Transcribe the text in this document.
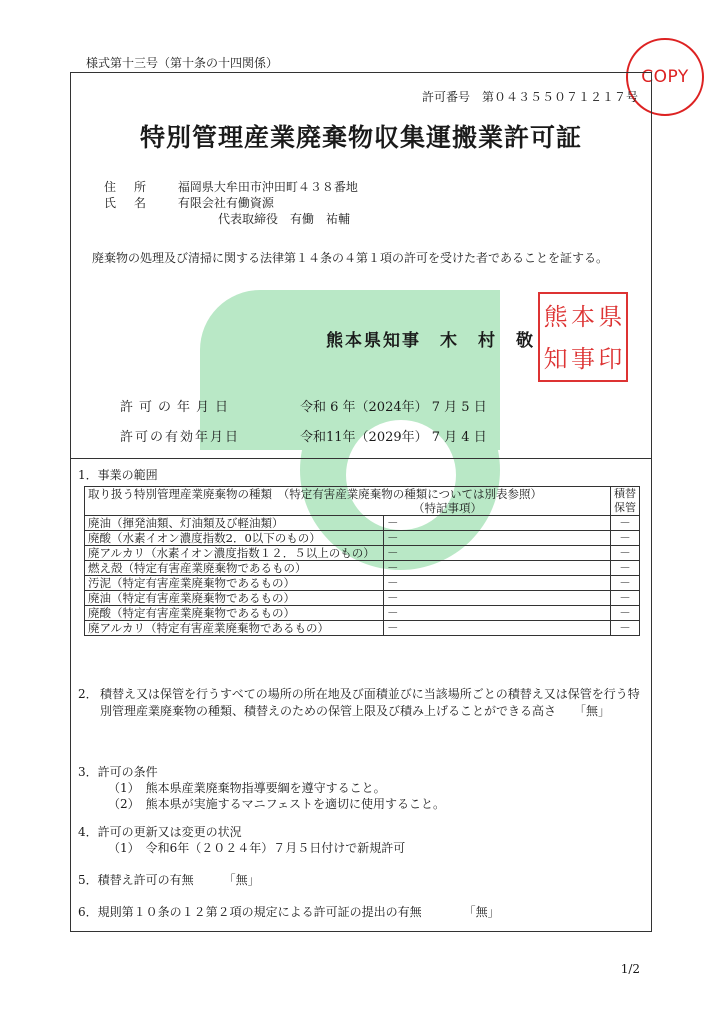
様式第十三号（第十条の十四関係）
COPY
許可番号　第０４３５５０７１２１７号
特別管理産業廃棄物収集運搬業許可証
住所 福岡県大牟田市沖田町４３８番地
氏名 有限会社有働資源
代表取締役　有働　祐輔
廃棄物の処理及び清掃に関する法律第１４条の４第１項の許可を受けた者であることを証する。
熊本県知事　木　村　敬
熊 本 県
知 事 印
許可の年月日	令和 6 年（2024年） 7 月 5 日
許可の有効年月日	令和11年（2029年） 7 月 4 日
1．事業の範囲
取り扱う特別管理産業廃棄物の種類　（特定有害産業廃棄物の種類については別表参照）
（特記事項）		積替保管
廃油（揮発油類、灯油類及び軽油類）	－	－
廃酸（水素イオン濃度指数2．0以下のもの）	－	－
廃アルカリ（水素イオン濃度指数１２．５以上のもの）	－	－
燃え殻（特定有害産業廃棄物であるもの）	－	－
汚泥（特定有害産業廃棄物であるもの）	－	－
廃油（特定有害産業廃棄物であるもの）	－	－
廃酸（特定有害産業廃棄物であるもの）	－	－
廃アルカリ（特定有害産業廃棄物であるもの）	－	－
2． 積替え又は保管を行うすべての場所の所在地及び面積並びに当該場所ごとの積替え又は保管を行う特別管理産業廃棄物の種類、積替えのための保管上限及び積み上げることができる高さ　　「無」
3．許可の条件
（1）　熊本県産業廃棄物指導要綱を遵守すること。
（2）　熊本県が実施するマニフェストを適切に使用すること。
4．許可の更新又は変更の状況
（1）　令和6年（２０２４年）７月５日付けで新規許可
5．積替え許可の有無　　　「無」
6．規則第１０条の１２第２項の規定による許可証の提出の有無　　　　「無」
1/2
